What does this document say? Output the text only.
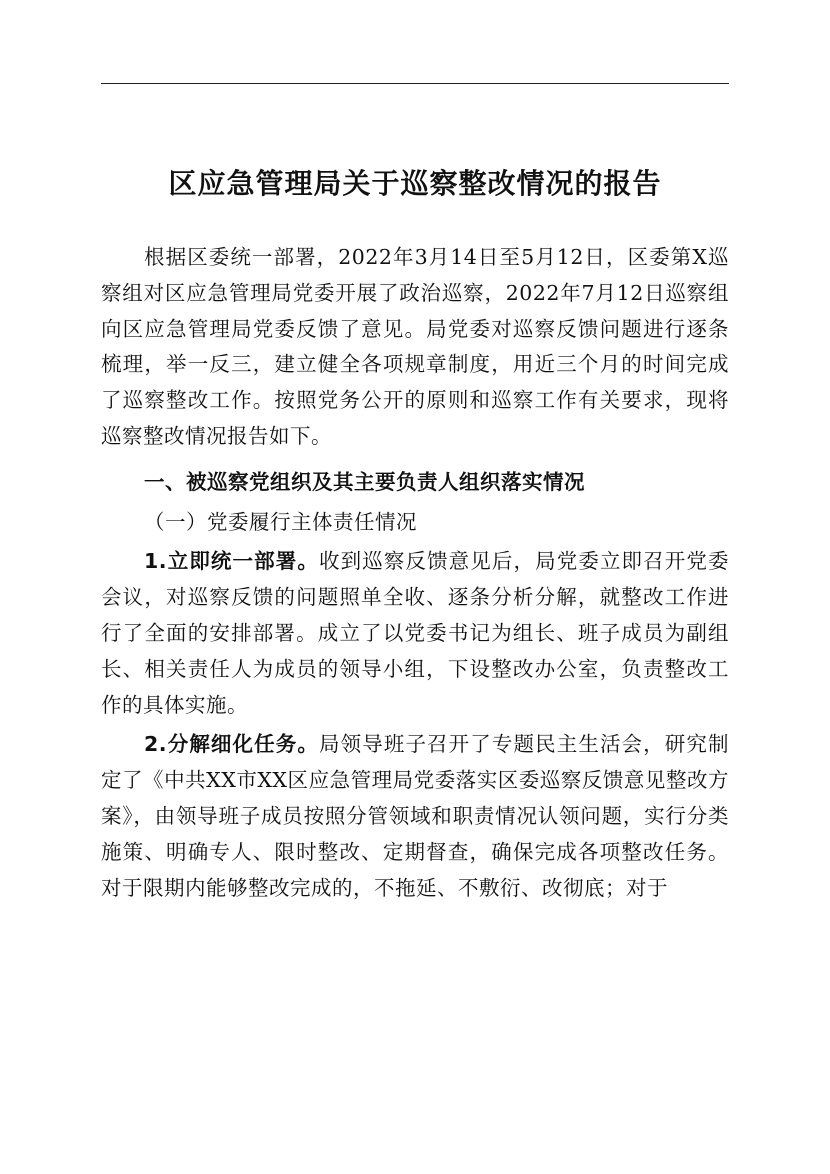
区应急管理局关于巡察整改情况的报告

根据区委统一部署，2022年3月14日至5月12日，区委第X巡察组对区应急管理局党委开展了政治巡察，2022年7月12日巡察组向区应急管理局党委反馈了意见。局党委对巡察反馈问题进行逐条梳理，举一反三，建立健全各项规章制度，用近三个月的时间完成了巡察整改工作。按照党务公开的原则和巡察工作有关要求，现将巡察整改情况报告如下。

一、被巡察党组织及其主要负责人组织落实情况

（一）党委履行主体责任情况

1.立即统一部署。收到巡察反馈意见后，局党委立即召开党委会议，对巡察反馈的问题照单全收、逐条分析分解，就整改工作进行了全面的安排部署。成立了以党委书记为组长、班子成员为副组长、相关责任人为成员的领导小组，下设整改办公室，负责整改工作的具体实施。

2.分解细化任务。局领导班子召开了专题民主生活会，研究制定了《中共XX市XX区应急管理局党委落实区委巡察反馈意见整改方案》，由领导班子成员按照分管领域和职责情况认领问题，实行分类施策、明确专人、限时整改、定期督查，确保完成各项整改任务。对于限期内能够整改完成的，不拖延、不敷衍、改彻底；对于
